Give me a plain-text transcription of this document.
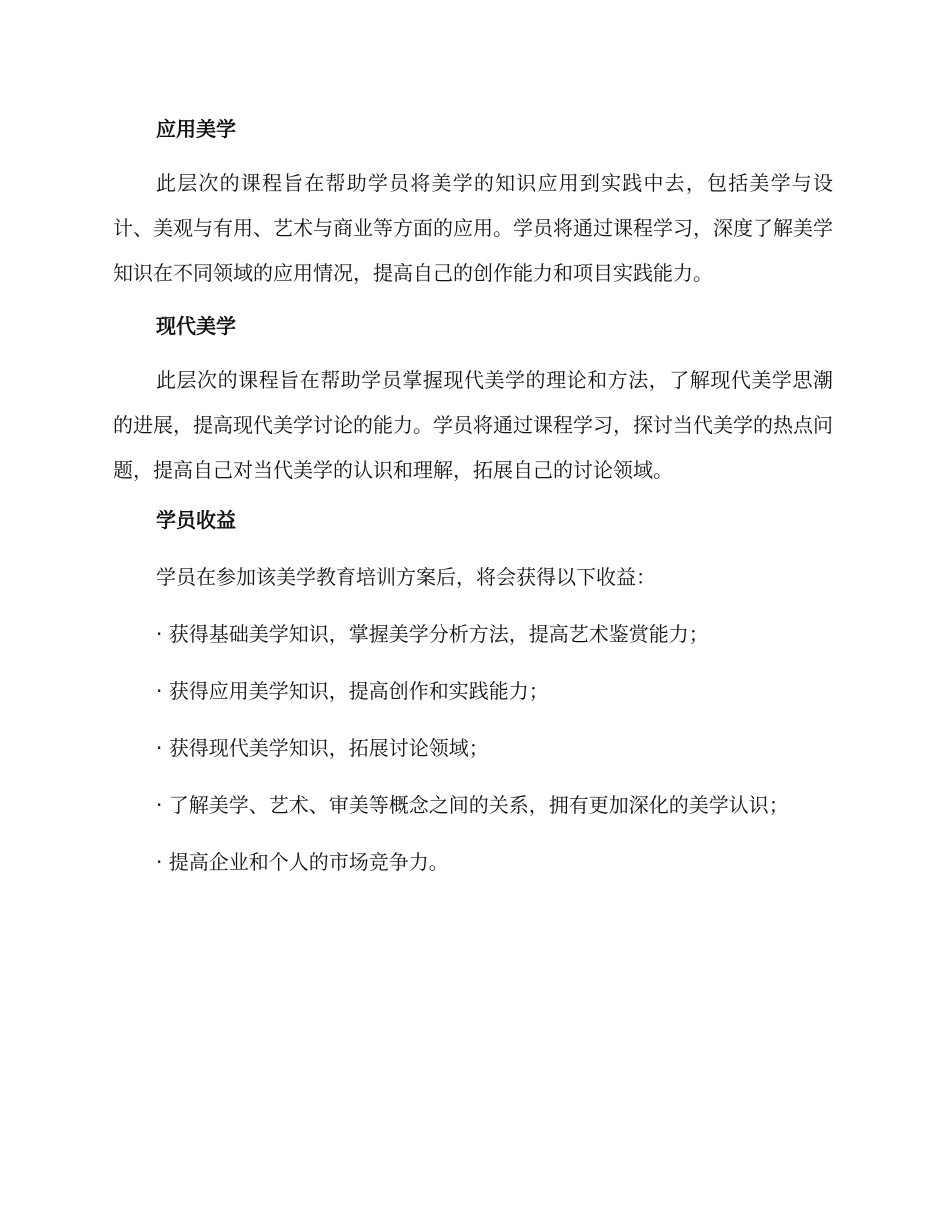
应用美学

此层次的课程旨在帮助学员将美学的知识应用到实践中去，包括美学与设计、美观与有用、艺术与商业等方面的应用。学员将通过课程学习，深度了解美学知识在不同领域的应用情况，提高自己的创作能力和项目实践能力。

现代美学

此层次的课程旨在帮助学员掌握现代美学的理论和方法，了解现代美学思潮的进展，提高现代美学讨论的能力。学员将通过课程学习，探讨当代美学的热点问题，提高自己对当代美学的认识和理解，拓展自己的讨论领域。

学员收益

学员在参加该美学教育培训方案后，将会获得以下收益：

· 获得基础美学知识，掌握美学分析方法，提高艺术鉴赏能力；

· 获得应用美学知识，提高创作和实践能力；

· 获得现代美学知识，拓展讨论领域；

· 了解美学、艺术、审美等概念之间的关系，拥有更加深化的美学认识；

· 提高企业和个人的市场竞争力。
